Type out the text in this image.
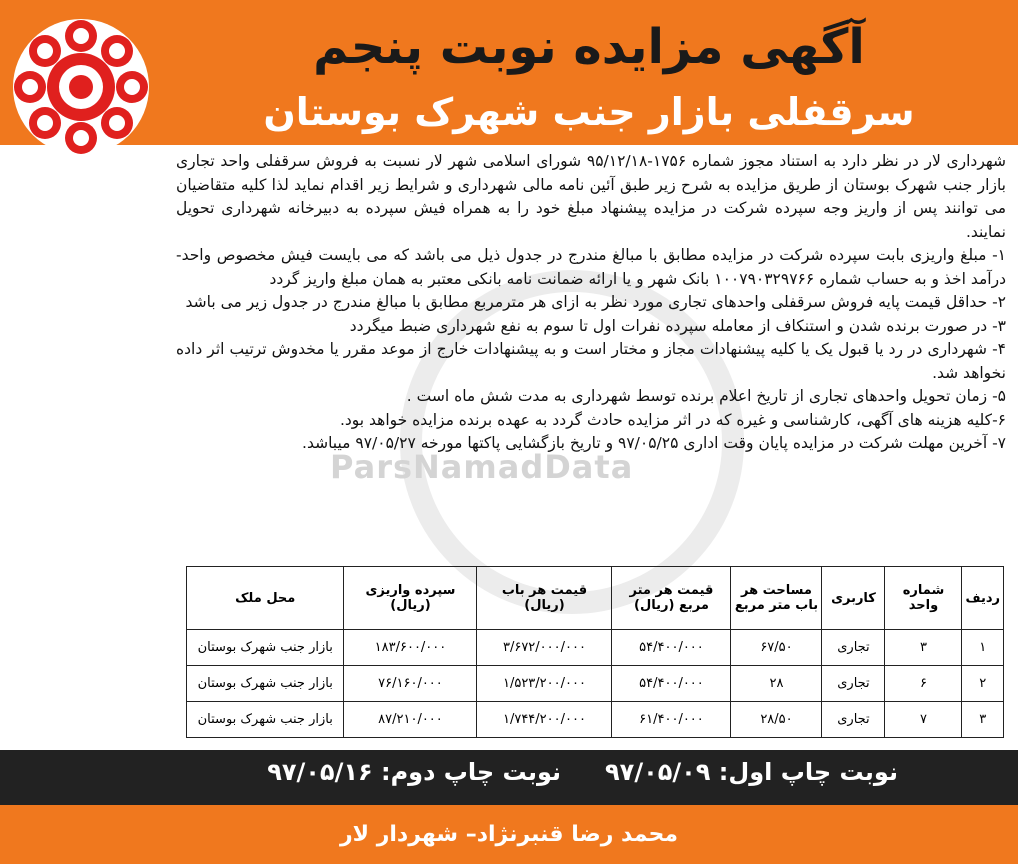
آگهی مزایده نوبت پنجم
سرقفلی بازار جنب شهرک بوستان
ParsNamadData

شهرداری لار در نظر دارد به استناد مجوز شماره ۱۷۵۶-۹۵/۱۲/۱۸ شورای اسلامی شهر لار نسبت به فروش سرقفلی واحد تجاری بازار جنب شهرک بوستان از طریق مزایده به شرح زیر طبق آئین نامه مالی شهرداری و شرایط زیر اقدام نماید لذا کلیه متقاضیان می توانند پس از واریز وجه سپرده شرکت در مزایده پیشنهاد مبلغ خود را به همراه فیش سپرده به دبیرخانه شهرداری تحویل نمایند.

۱- مبلغ واریزی بابت سپرده شرکت در مزایده مطابق با مبالغ مندرج در جدول ذیل می باشد که می بایست فیش مخصوص واحد-درآمد اخذ و به حساب شماره ۱۰۰۷۹۰۳۲۹۷۶۶ بانک شهر و یا ارائه ضمانت نامه بانکی معتبر به همان مبلغ واریز گردد

۲- حداقل قیمت پایه فروش سرقفلی واحدهای تجاری مورد نظر به ازای هر مترمربع مطابق با مبالغ مندرج در جدول زیر می باشد

۳- در صورت برنده شدن و استنکاف از معامله سپرده نفرات اول تا سوم به نفع شهرداری ضبط میگردد

۴- شهرداری در رد یا قبول یک یا کلیه پیشنهادات مجاز و مختار است و به پیشنهادات خارج از موعد مقرر یا مخدوش ترتیب اثر داده نخواهد شد.

۵- زمان تحویل واحدهای تجاری از تاریخ اعلام برنده توسط شهرداری به مدت شش ماه است .

۶-کلیه هزینه های آگهی، کارشناسی و غیره که در اثر مزایده حادث گردد به عهده برنده مزایده خواهد بود.

۷- آخرین مهلت شرکت در مزایده پایان وقت اداری ۹۷/۰۵/۲۵ و تاریخ بازگشایی پاکتها مورخه ۹۷/۰۵/۲۷ میباشد.

ردیف	شماره واحد	کاربری	مساحت هر باب متر مربع	قیمت هر متر مربع (ریال)	قیمت هر باب (ریال)	سپرده واریزی (ریال)	محل ملک
۱	۳	تجاری	۶۷/۵۰	۵۴/۴۰۰/۰۰۰	۳/۶۷۲/۰۰۰/۰۰۰	۱۸۳/۶۰۰/۰۰۰	بازار جنب شهرک بوستان
۲	۶	تجاری	۲۸	۵۴/۴۰۰/۰۰۰	۱/۵۲۳/۲۰۰/۰۰۰	۷۶/۱۶۰/۰۰۰	بازار جنب شهرک بوستان
۳	۷	تجاری	۲۸/۵۰	۶۱/۴۰۰/۰۰۰	۱/۷۴۴/۲۰۰/۰۰۰	۸۷/۲۱۰/۰۰۰	بازار جنب شهرک بوستان
نوبت چاپ اول: ۹۷/۰۵/۰۹
نوبت چاپ دوم: ۹۷/۰۵/۱۶
محمد رضا قنبرنژاد– شهردار لار
